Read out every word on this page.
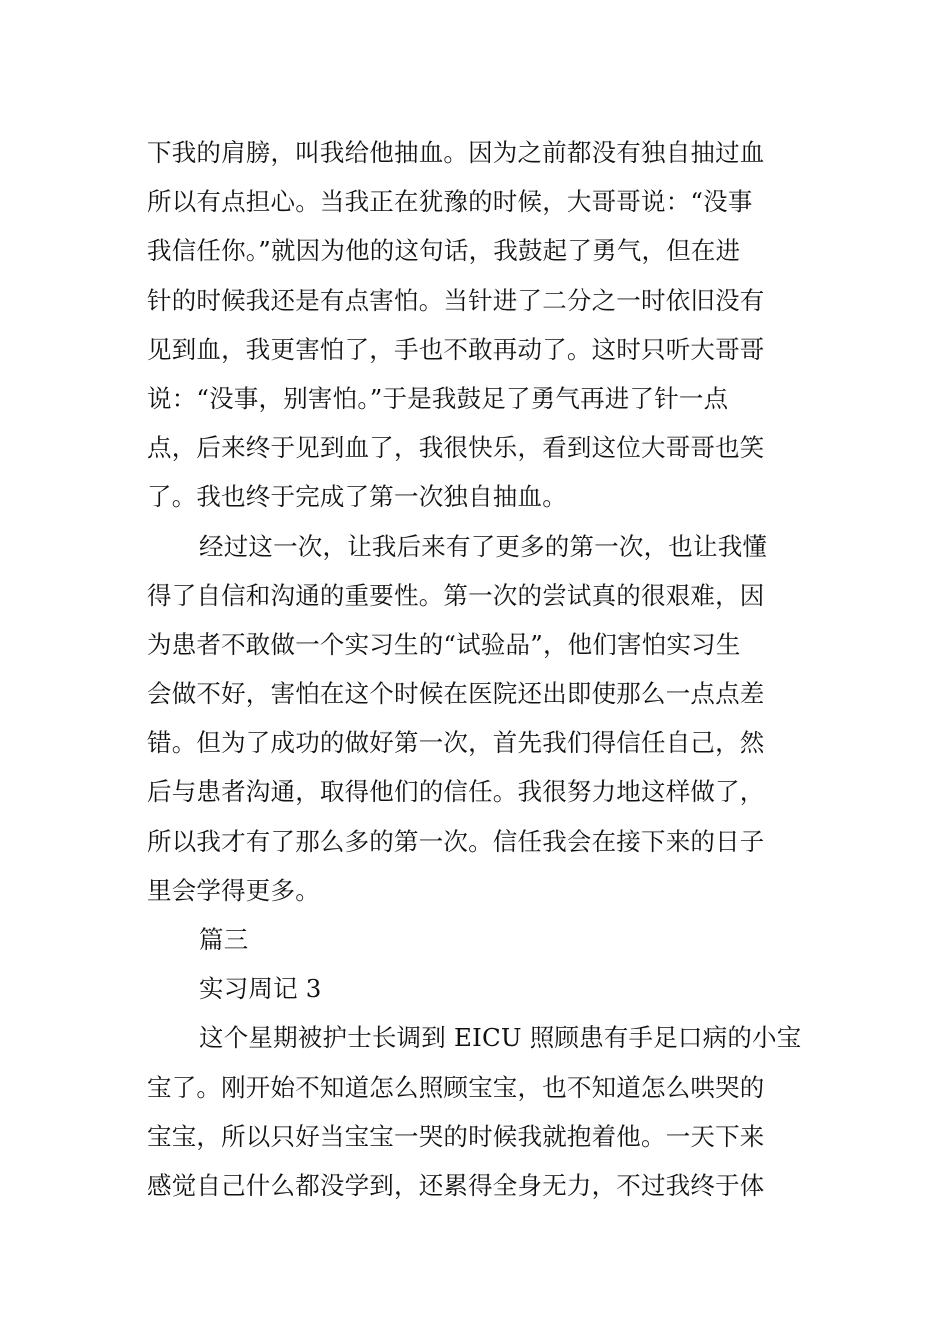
下我的肩膀，叫我给他抽血。因为之前都没有独自抽过血
所以有点担心。当我正在犹豫的时候，大哥哥说：“没事
我信任你。”就因为他的这句话，我鼓起了勇气，但在进
针的时候我还是有点害怕。当针进了二分之一时依旧没有
见到血，我更害怕了，手也不敢再动了。这时只听大哥哥
说：“没事，别害怕。”于是我鼓足了勇气再进了针一点
点，后来终于见到血了，我很快乐，看到这位大哥哥也笑
了。我也终于完成了第一次独自抽血。
经过这一次，让我后来有了更多的第一次，也让我懂
得了自信和沟通的重要性。第一次的尝试真的很艰难，因
为患者不敢做一个实习生的“试验品”，他们害怕实习生
会做不好，害怕在这个时候在医院还出即使那么一点点差
错。但为了成功的做好第一次，首先我们得信任自己，然
后与患者沟通，取得他们的信任。我很努力地这样做了，
所以我才有了那么多的第一次。信任我会在接下来的日子
里会学得更多。
篇三
实习周记 3
这个星期被护士长调到 EICU 照顾患有手足口病的小宝
宝了。刚开始不知道怎么照顾宝宝，也不知道怎么哄哭的
宝宝，所以只好当宝宝一哭的时候我就抱着他。一天下来
感觉自己什么都没学到，还累得全身无力，不过我终于体
